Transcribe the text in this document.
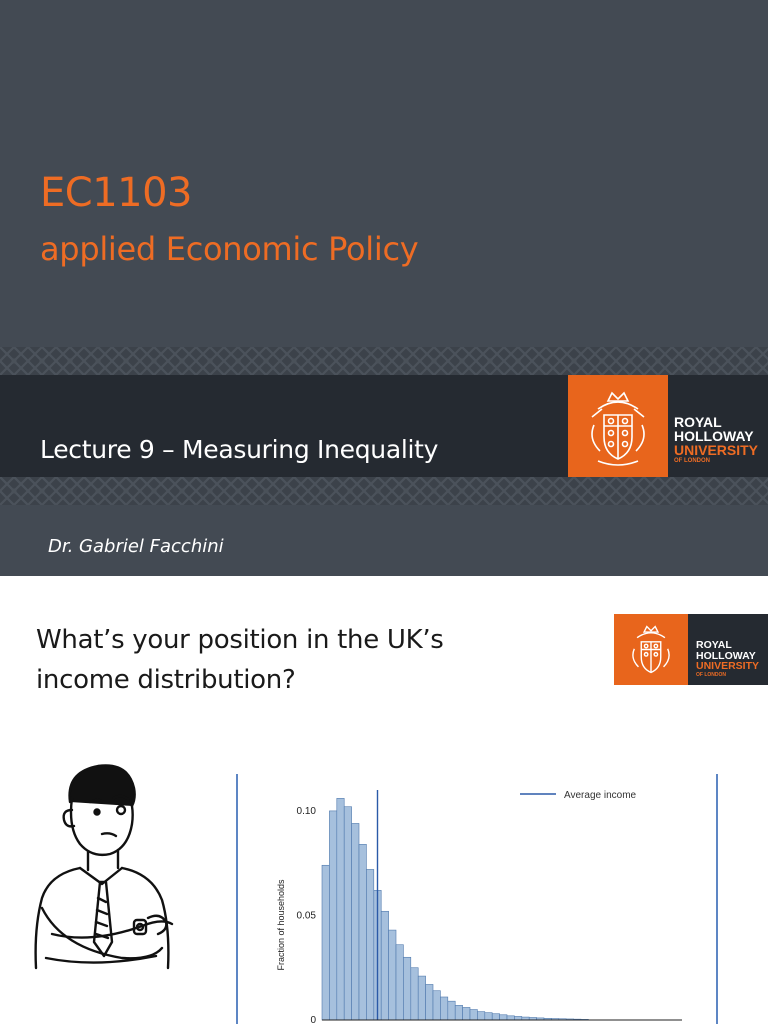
EC1103
applied Economic Policy
Lecture 9 – Measuring Inequality
ROYAL
HOLLOWAY
UNIVERSITY
OF LONDON
Dr. Gabriel Facchini
What’s your position in the UK’s
income distribution?
ROYAL
HOLLOWAY
UNIVERSITY
OF LONDON
0
0.05
0.10
Fraction of households
Average income
